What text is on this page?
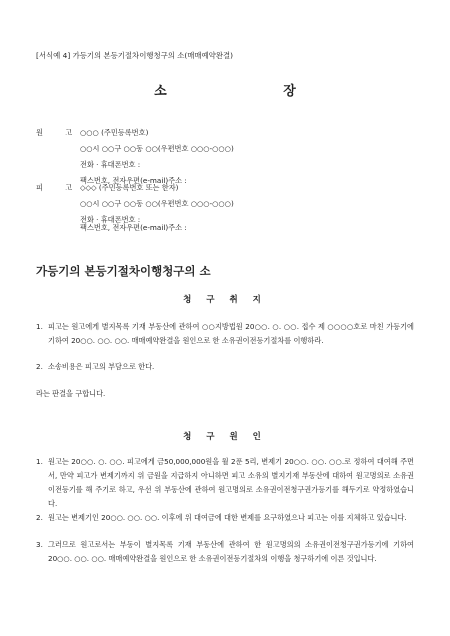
[서식예 4] 가등기의 본등기절차이행청구의 소(매매예약완결)
소 장
원 고
○○○ (주민등록번호)
○○시 ○○구 ○○동 ○○(우편번호 ○○○-○○○)
전화 · 휴대폰번호 :
팩스번호, 전자우편(e-mail)주소 :
피 고
◇◇◇ (주민등록번호 또는 한자)
○○시 ○○구 ○○동 ○○(우편번호 ○○○-○○○)
전화 · 휴대폰번호 :
팩스번호, 전자우편(e-mail)주소 :
가등기의 본등기절차이행청구의 소
청 구 취 지
1. 피고는 원고에게 별지목록 기재 부동산에 관하여 ○○지방법원 20○○. ○. ○○. 접수 제 ○○○○호로 마친 가등기에 기하여 20○○. ○○. ○○. 매매예약완결을 원인으로 한 소유권이전등기절차를 이행하라.
2. 소송비용은 피고의 부담으로 한다.
라는 판결을 구합니다.
청 구 원 인
1. 원고는 20○○. ○. ○○. 피고에게 금50,000,000원을 월 2푼 5리, 변제기 20○○. ○○. ○○.로 정하여 대여해 주면서, 만약 피고가 변제기까지 위 금원을 지급하지 아니하면 피고 소유의 별지기재 부동산에 대하여 원고명의로 소유권이전등기를 해 주기로 하고, 우선 위 부동산에 관하여 원고명의로 소유권이전청구권가등기를 해두기로 약정하였습니다.
2. 원고는 변제기인 20○○. ○○. ○○. 이후에 위 대여금에 대한 변제를 요구하였으나 피고는 이를 지체하고 있습니다.
3. 그러므로 원고로서는 부동이 별지목록 기재 부동산에 관하여 한 원고명의의 소유권이전청구권가등기에 기하여 20○○. ○○. ○○. 매매예약완결을 원인으로 한 소유권이전등기절차의 이행을 청구하기에 이른 것입니다.
